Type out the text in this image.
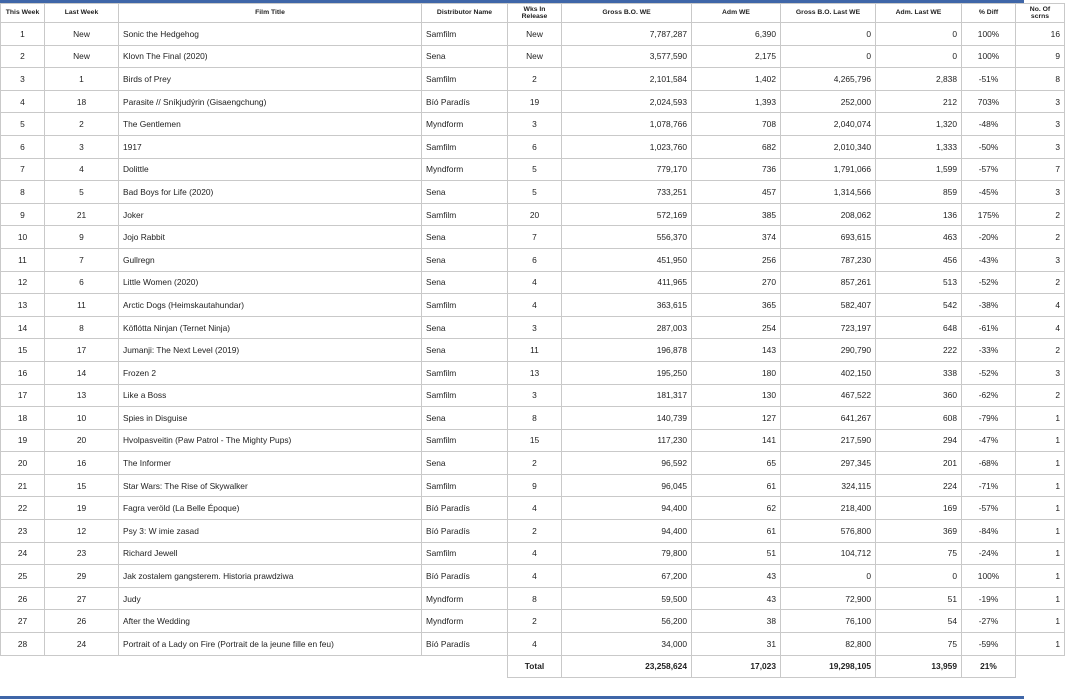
This Week	Last Week	Film Title	Distributor Name	Wks In Release	Gross B.O. WE	Adm WE	Gross B.O. Last WE	Adm. Last WE	% Diff	No. Of scrns
1	New	Sonic the Hedgehog	Samfilm	New	7,787,287	6,390	0	0	100%	16
2	New	Klovn The Final (2020)	Sena	New	3,577,590	2,175	0	0	100%	9
3	1	Birds of Prey	Samfilm	2	2,101,584	1,402	4,265,796	2,838	-51%	8
4	18	Parasite // Sníkjudýrin (Gisaengchung)	Bíó Paradís	19	2,024,593	1,393	252,000	212	703%	3
5	2	The Gentlemen	Myndform	3	1,078,766	708	2,040,074	1,320	-48%	3
6	3	1917	Samfilm	6	1,023,760	682	2,010,340	1,333	-50%	3
7	4	Dolittle	Myndform	5	779,170	736	1,791,066	1,599	-57%	7
8	5	Bad Boys for Life (2020)	Sena	5	733,251	457	1,314,566	859	-45%	3
9	21	Joker	Samfilm	20	572,169	385	208,062	136	175%	2
10	9	Jojo Rabbit	Sena	7	556,370	374	693,615	463	-20%	2
11	7	Gullregn	Sena	6	451,950	256	787,230	456	-43%	3
12	6	Little Women (2020)	Sena	4	411,965	270	857,261	513	-52%	2
13	11	Arctic Dogs (Heimskautahundar)	Samfilm	4	363,615	365	582,407	542	-38%	4
14	8	Köflótta Ninjan (Ternet Ninja)	Sena	3	287,003	254	723,197	648	-61%	4
15	17	Jumanji: The Next Level (2019)	Sena	11	196,878	143	290,790	222	-33%	2
16	14	Frozen 2	Samfilm	13	195,250	180	402,150	338	-52%	3
17	13	Like a Boss	Samfilm	3	181,317	130	467,522	360	-62%	2
18	10	Spies in Disguise	Sena	8	140,739	127	641,267	608	-79%	1
19	20	Hvolpasveitin (Paw Patrol - The Mighty Pups)	Samfilm	15	117,230	141	217,590	294	-47%	1
20	16	The Informer	Sena	2	96,592	65	297,345	201	-68%	1
21	15	Star Wars: The Rise of Skywalker	Samfilm	9	96,045	61	324,115	224	-71%	1
22	19	Fagra veröld (La Belle Époque)	Bíó Paradís	4	94,400	62	218,400	169	-57%	1
23	12	Psy 3: W imie zasad	Bíó Paradís	2	94,400	61	576,800	369	-84%	1
24	23	Richard Jewell	Samfilm	4	79,800	51	104,712	75	-24%	1
25	29	Jak zostalem gangsterem. Historia prawdziwa	Bíó Paradís	4	67,200	43	0	0	100%	1
26	27	Judy	Myndform	8	59,500	43	72,900	51	-19%	1
27	26	After the Wedding	Myndform	2	56,200	38	76,100	54	-27%	1
28	24	Portrait of a Lady on Fire (Portrait de la jeune fille en feu)	Bíó Paradís	4	34,000	31	82,800	75	-59%	1
				Total	23,258,624	17,023	19,298,105	13,959	21%	
